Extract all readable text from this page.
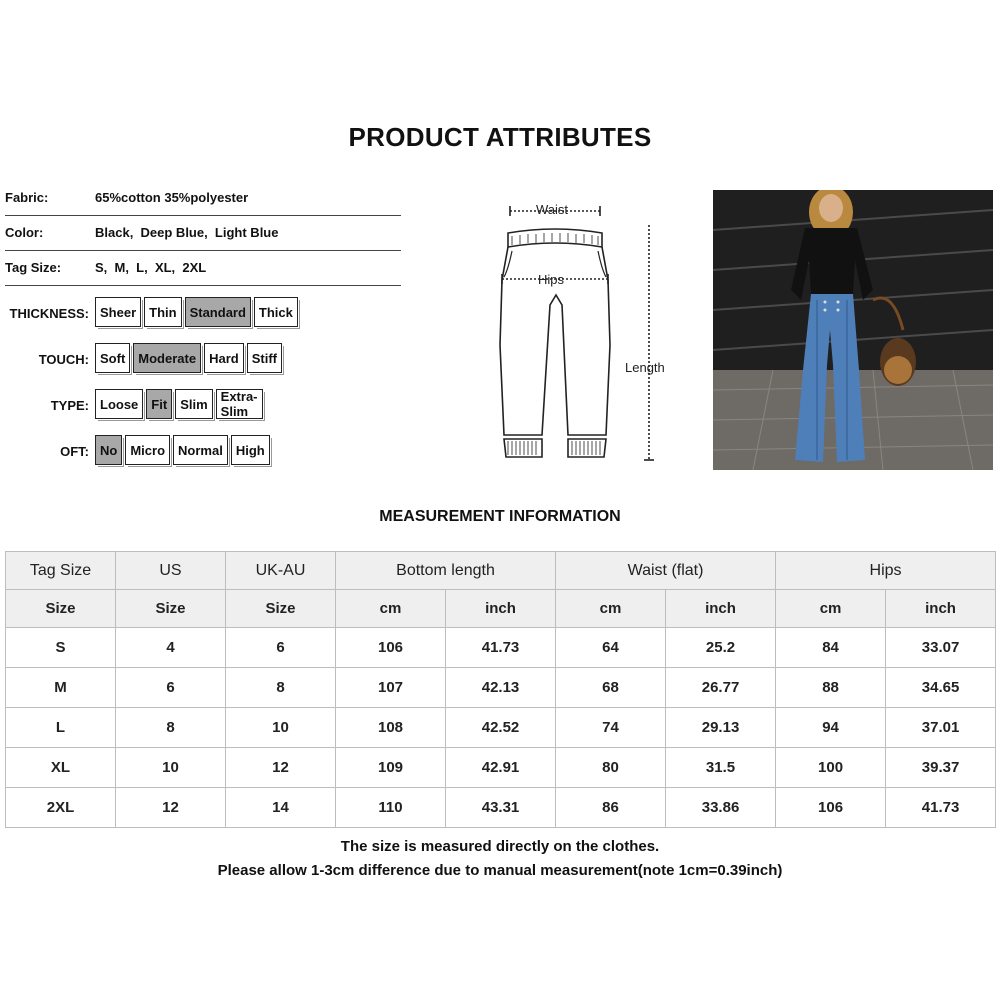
PRODUCT ATTRIBUTES
Fabric:	65%cotton 35%polyester
Color:	Black,  Deep Blue,  Light Blue
Tag Size:	S,  M,  L,  XL,  2XL
THICKNESS: Sheer	Thin	Standard	Thick
TOUCH: Soft	Moderate	Hard	Stiff
TYPE: Loose	Fit	Slim	Extra-Slim
OFT: No	Micro	Normal	High
Waist
Hips
Length
MEASUREMENT INFORMATION
Tag Size	US	UK-AU	Bottom length		Waist (flat)		Hips	
Size	Size	Size	cm	inch	cm	inch	cm	inch
S	4	6	106	41.73	64	25.2	84	33.07
M	6	8	107	42.13	68	26.77	88	34.65
L	8	10	108	42.52	74	29.13	94	37.01
XL	10	12	109	42.91	80	31.5	100	39.37
2XL	12	14	110	43.31	86	33.86	106	41.73
The size is measured directly on the clothes.
Please allow 1-3cm difference due to manual measurement(note 1cm=0.39inch)
